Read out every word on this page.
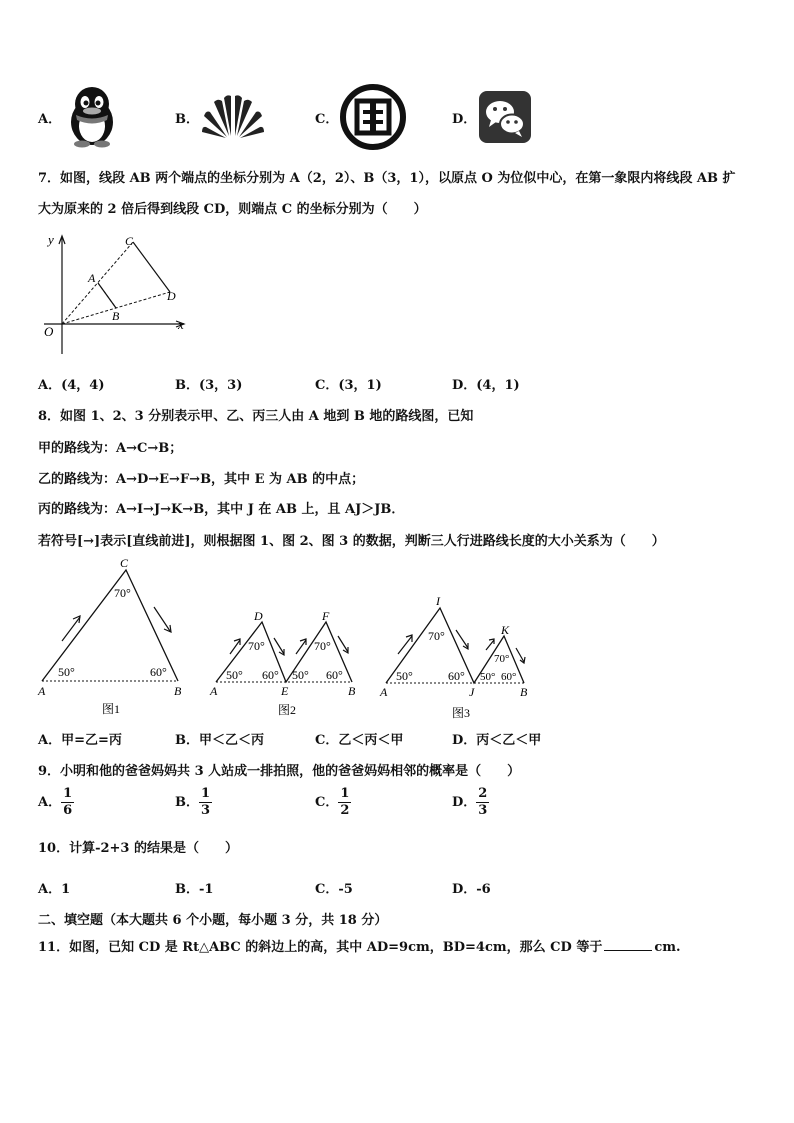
A．	B．	C．	D．
7．如图，线段 AB 两个端点的坐标分别为 A（2，2）、B（3，1），以原点 O 为位似中心，在第一象限内将线段 AB 扩
大为原来的 2 倍后得到线段 CD，则端点 C 的坐标分别为（　　）
y
x
O
A
B
C
D
A．(4，4)	B．(3，3)	C．(3，1)	D．(4，1)
8．如图 1、2、3 分别表示甲、乙、丙三人由 A 地到 B 地的路线图，已知
甲的路线为：A→C→B；
乙的路线为：A→D→E→F→B，其中 E 为 AB 的中点；
丙的路线为：A→I→J→K→B，其中 J 在 AB 上，且 AJ＞JB．
若符号[→]表示[直线前进]，则根据图 1、图 2、图 3 的数据，判断三人行进路线长度的大小关系为（　　）
C
70°
50°	60°
A	B
图1
D	F
70°	70°
50° 60° 50° 60°
A	E	B
图2
I
K
70°
70°
50°	60° 50° 60°
A	J	B
图3
A．甲=乙=丙	B．甲＜乙＜丙	C．乙＜丙＜甲	D．丙＜乙＜甲
9．小明和他的爸爸妈妈共 3 人站成一排拍照，他的爸爸妈妈相邻的概率是（　　）
A． $\frac{1}{6}$	B． $\frac{1}{3}$	C． $\frac{1}{2}$	D． $\frac{2}{3}$
10．计算-2+3 的结果是（　　）
A．1	B．-1	C．-5	D．-6
二、填空题（本大题共 6 个小题，每小题 3 分，共 18 分）
11．如图，已知 CD 是 Rt△ABC 的斜边上的高，其中 AD=9cm，BD=4cm，那么 CD 等于	cm.
